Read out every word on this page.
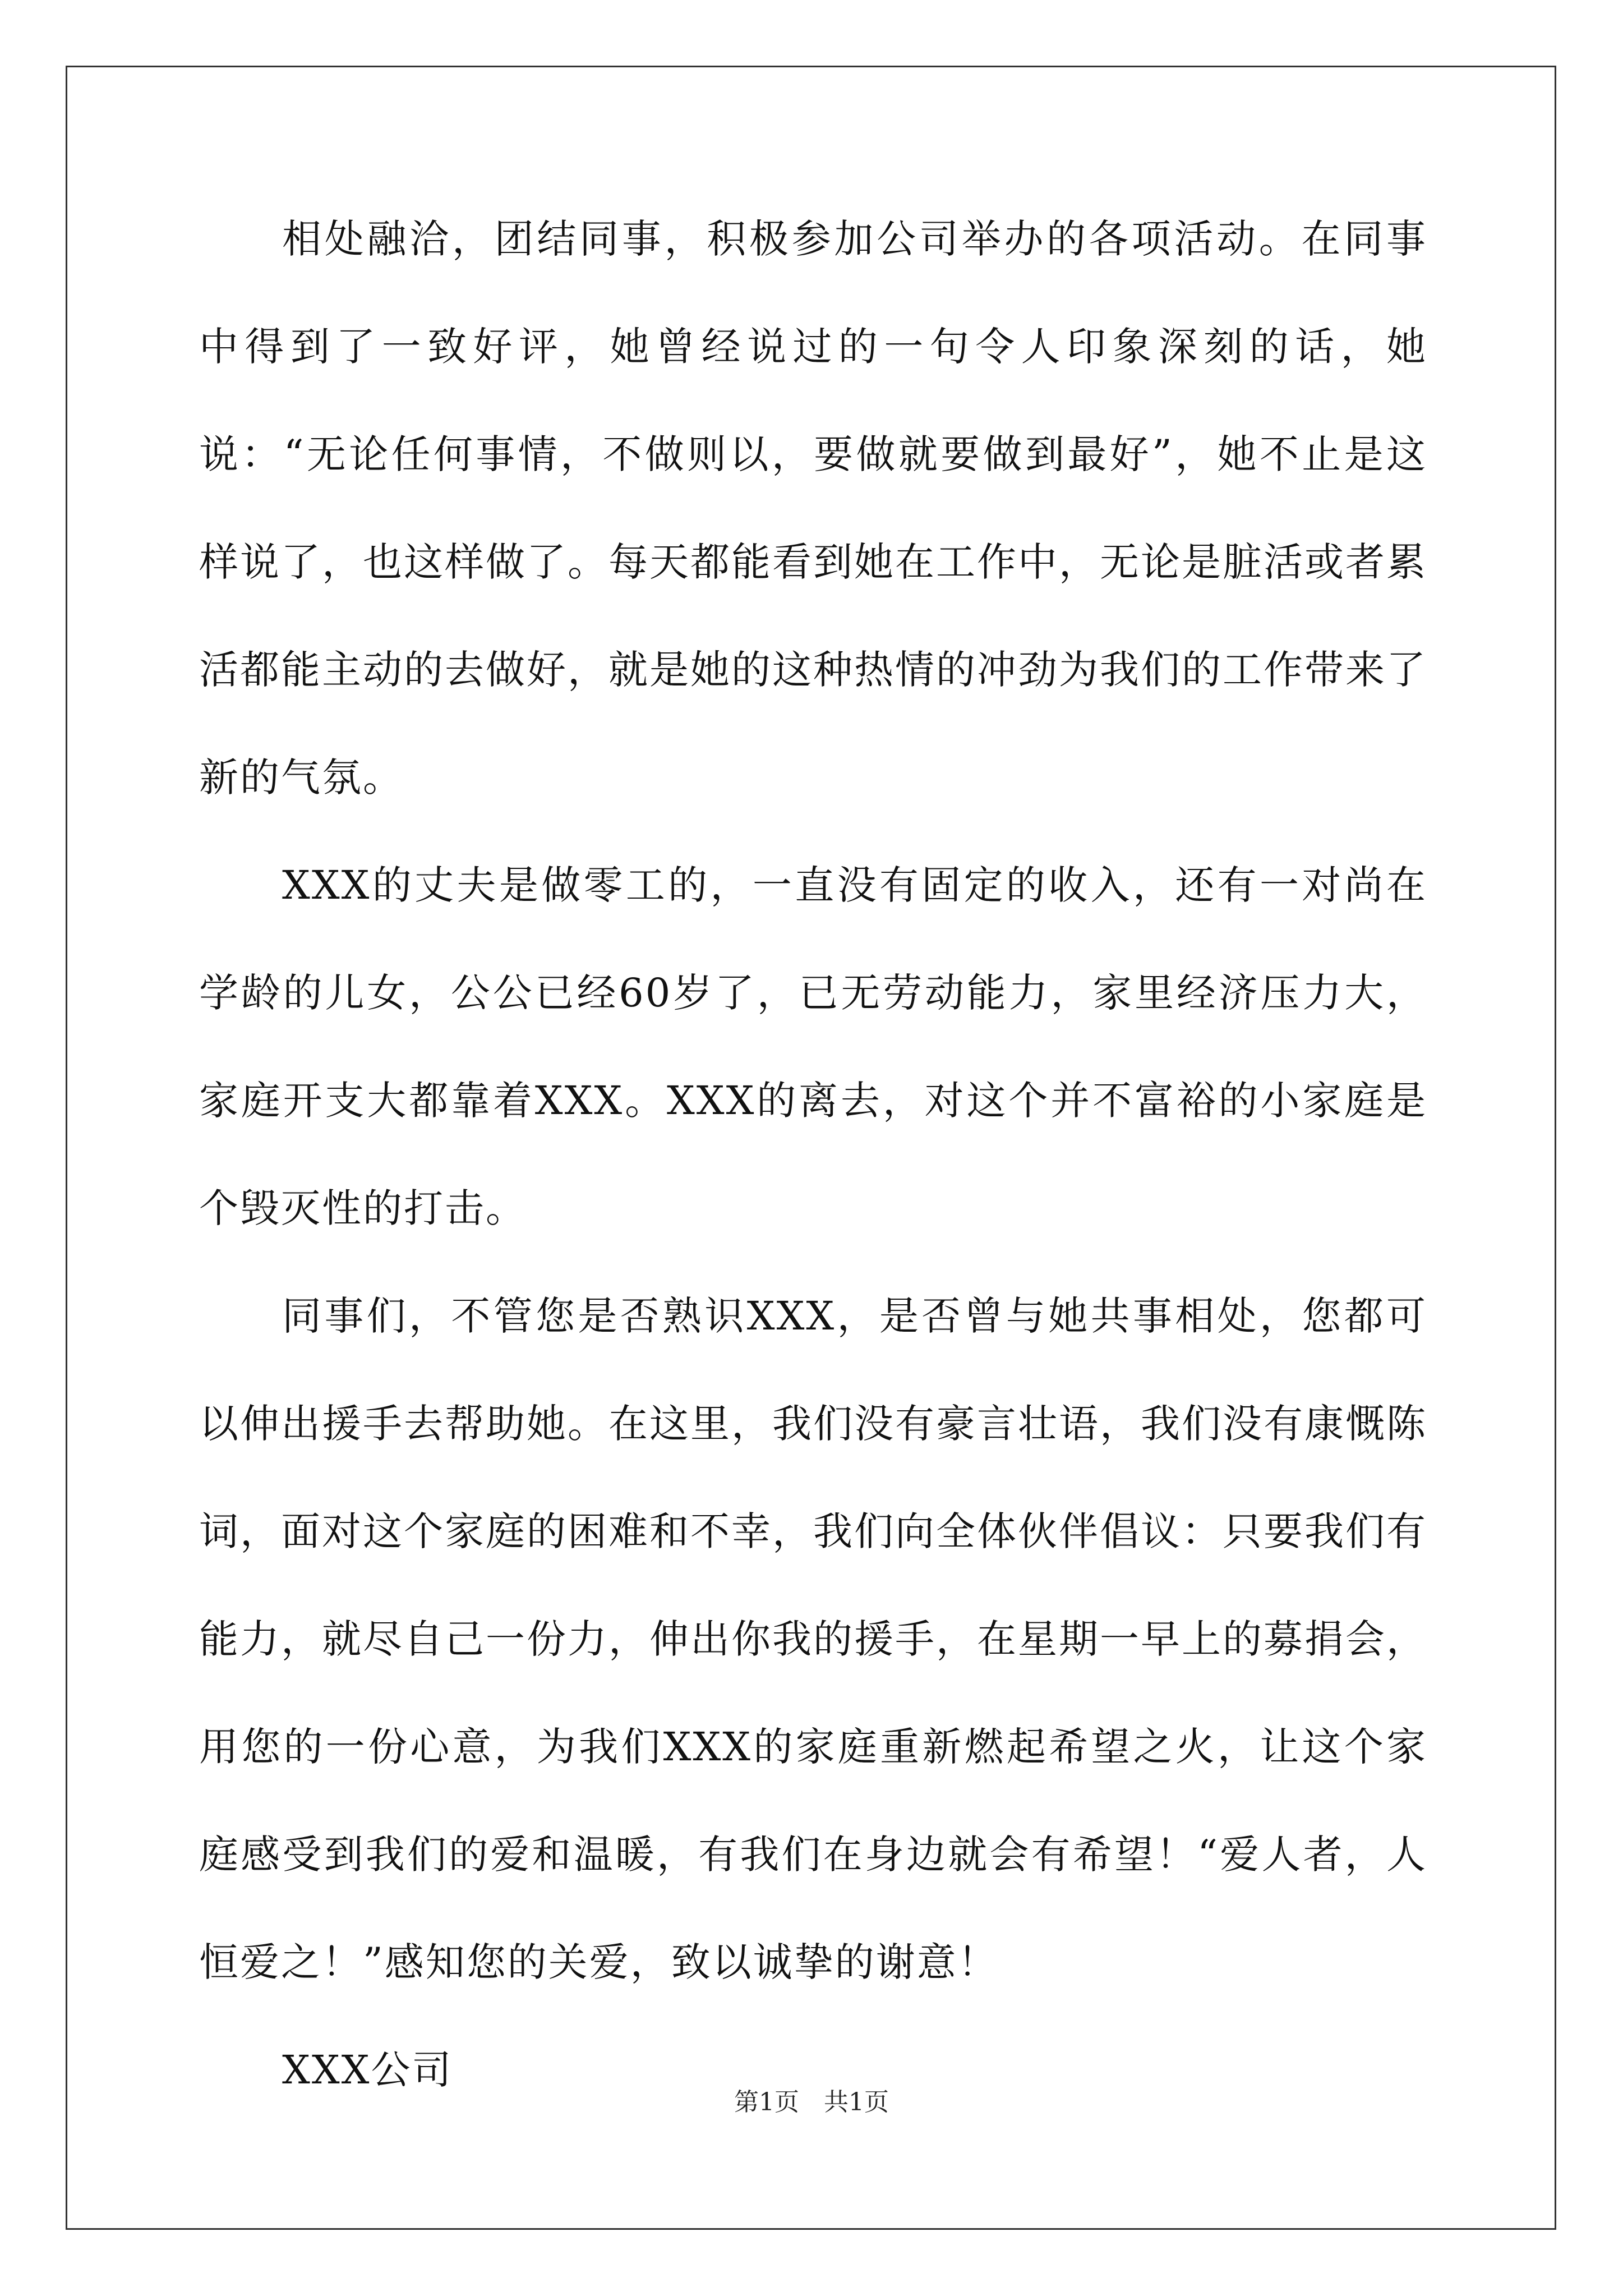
相处融洽，团结同事，积极参加公司举办的各项活动。在同事中得到了一致好评，她曾经说过的一句令人印象深刻的话，她说：“无论任何事情，不做则以，要做就要做到最好”，她不止是这样说了，也这样做了。每天都能看到她在工作中，无论是脏活或者累活都能主动的去做好，就是她的这种热情的冲劲为我们的工作带来了新的气氛。

XXX的丈夫是做零工的，一直没有固定的收入，还有一对尚在学龄的儿女，公公已经60岁了，已无劳动能力，家里经济压力大，家庭开支大都靠着XXX。XXX的离去，对这个并不富裕的小家庭是个毁灭性的打击。

同事们，不管您是否熟识XXX，是否曾与她共事相处，您都可以伸出援手去帮助她。在这里，我们没有豪言壮语，我们没有康慨陈词，面对这个家庭的困难和不幸，我们向全体伙伴倡议：只要我们有能力，就尽自己一份力，伸出你我的援手，在星期一早上的募捐会，用您的一份心意，为我们XXX的家庭重新燃起希望之火，让这个家庭感受到我们的爱和温暖，有我们在身边就会有希望！“爱人者，人恒爱之！”感知您的关爱，致以诚挚的谢意！

XXX公司

第1页 共1页
